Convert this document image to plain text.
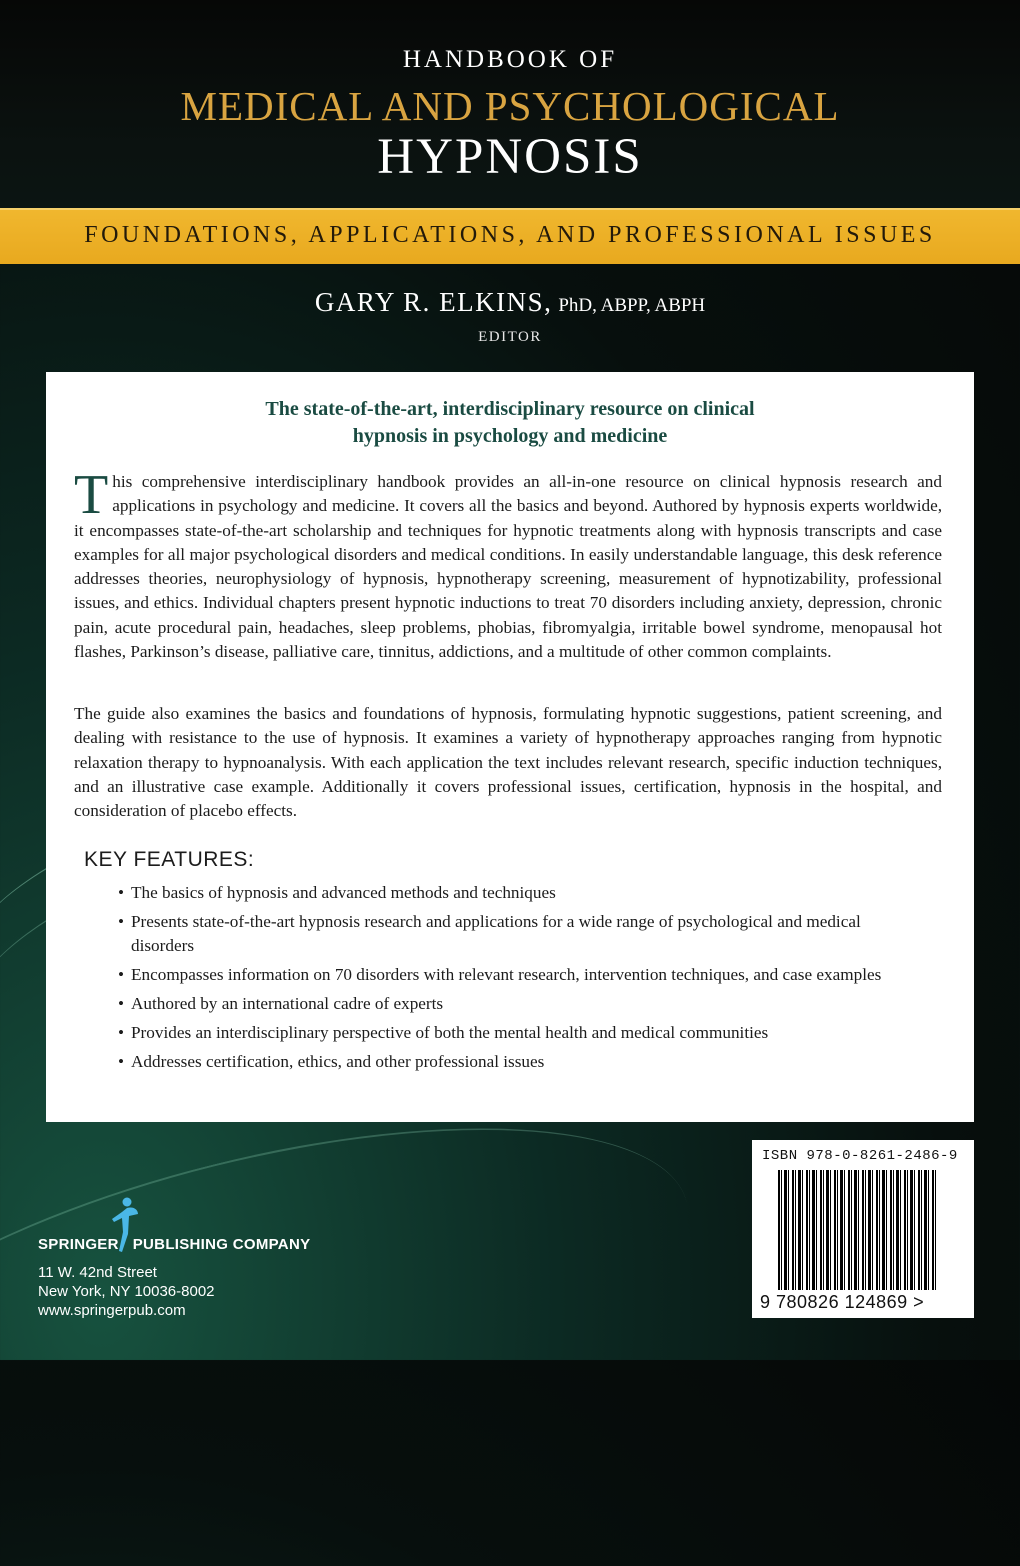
HANDBOOK OF
MEDICAL AND PSYCHOLOGICAL
HYPNOSIS
FOUNDATIONS, APPLICATIONS, AND PROFESSIONAL ISSUES
GARY R. ELKINS, PhD, ABPP, ABPH
EDITOR
The state-of-the-art, interdisciplinary resource on clinical
hypnosis in psychology and medicine

This comprehensive interdisciplinary handbook provides an all-in-one resource on clinical hypnosis research and applications in psychology and medicine. It covers all the basics and beyond. Authored by hypnosis experts worldwide, it encompasses state-of-the-art scholarship and techniques for hypnotic treatments along with hypnosis transcripts and case examples for all major psychological disorders and medical conditions. In easily understandable language, this desk reference addresses theories, neurophysiology of hypnosis, hypnotherapy screening, measurement of hypnotizability, professional issues, and ethics. Individual chapters present hypnotic inductions to treat 70 disorders including anxiety, depression, chronic pain, acute procedural pain, headaches, sleep problems, phobias, fibromyalgia, irritable bowel syndrome, menopausal hot flashes, Parkinson’s disease, palliative care, tinnitus, addictions, and a multitude of other common complaints.

The guide also examines the basics and foundations of hypnosis, formulating hypnotic suggestions, patient screening, and dealing with resistance to the use of hypnosis. It examines a variety of hypnotherapy approaches ranging from hypnotic relaxation therapy to hypnoanalysis. With each application the text includes relevant research, specific induction techniques, and an illustrative case example. Additionally it covers professional issues, certification, hypnosis in the hospital, and consideration of placebo effects.

KEY FEATURES:
• The basics of hypnosis and advanced methods and techniques
• Presents state-of-the-art hypnosis research and applications for a wide range of psychological and medical disorders
• Encompasses information on 70 disorders with relevant research, intervention techniques, and case examples
• Authored by an international cadre of experts
• Provides an interdisciplinary perspective of both the mental health and medical communities
• Addresses certification, ethics, and other professional issues
ISBN 978-0-8261-2486-9
9 780826 124869 >
SPRINGER PUBLISHING COMPANY
11 W. 42nd Street
New York, NY 10036-8002
www.springerpub.com
